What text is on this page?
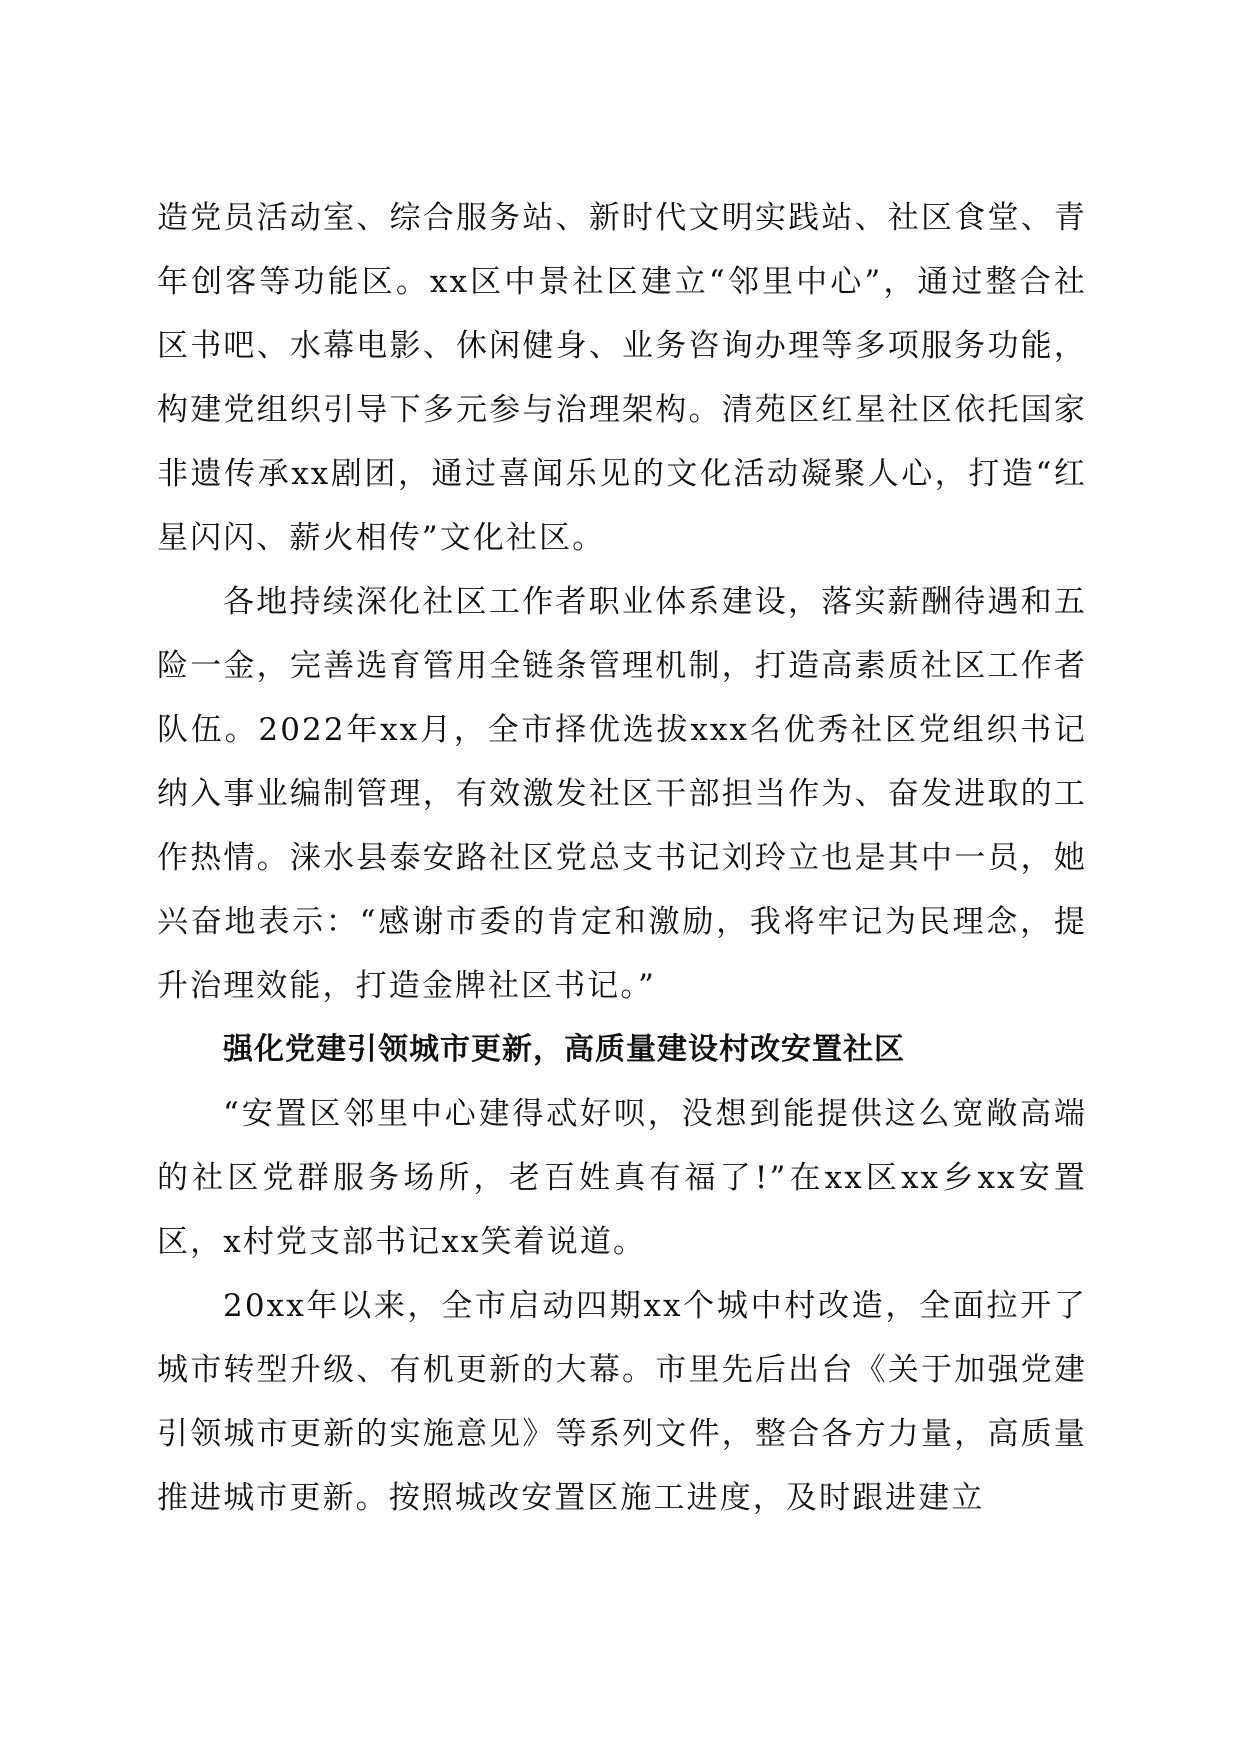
造党员活动室、综合服务站、新时代文明实践站、社区食堂、青年创客等功能区。xx区中景社区建立“邻里中心”，通过整合社区书吧、水幕电影、休闲健身、业务咨询办理等多项服务功能，构建党组织引导下多元参与治理架构。清苑区红星社区依托国家非遗传承xx剧团，通过喜闻乐见的文化活动凝聚人心，打造“红星闪闪、薪火相传”文化社区。

各地持续深化社区工作者职业体系建设，落实薪酬待遇和五险一金，完善选育管用全链条管理机制，打造高素质社区工作者队伍。2022年xx月，全市择优选拔xxx名优秀社区党组织书记纳入事业编制管理，有效激发社区干部担当作为、奋发进取的工作热情。涞水县泰安路社区党总支书记刘玲立也是其中一员，她兴奋地表示：“感谢市委的肯定和激励，我将牢记为民理念，提升治理效能，打造金牌社区书记。”

强化党建引领城市更新，高质量建设村改安置社区

“安置区邻里中心建得忒好呗，没想到能提供这么宽敞高端的社区党群服务场所，老百姓真有福了!”在xx区xx乡xx安置区，x村党支部书记xx笑着说道。

20xx年以来，全市启动四期xx个城中村改造，全面拉开了城市转型升级、有机更新的大幕。市里先后出台《关于加强党建引领城市更新的实施意见》等系列文件，整合各方力量，高质量推进城市更新。按照城改安置区施工进度，及时跟进建立
